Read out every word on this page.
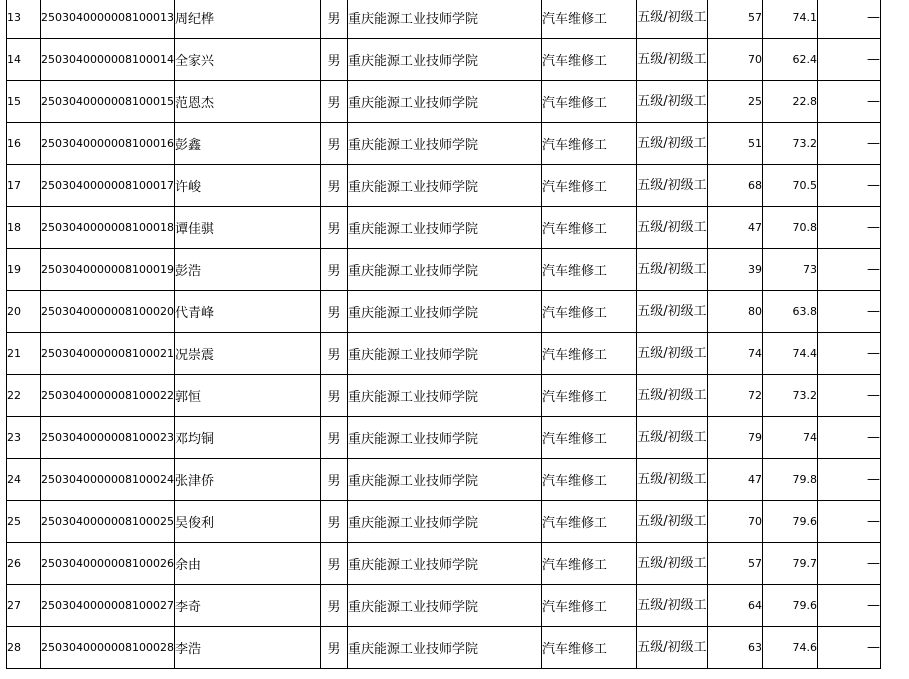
13	2503040000008100013	周纪桦	男	重庆能源工业技师学院	汽车维修工	五级/初级工	57	74.1	—
14	2503040000008100014	全家兴	男	重庆能源工业技师学院	汽车维修工	五级/初级工	70	62.4	—
15	2503040000008100015	范恩杰	男	重庆能源工业技师学院	汽车维修工	五级/初级工	25	22.8	—
16	2503040000008100016	彭鑫	男	重庆能源工业技师学院	汽车维修工	五级/初级工	51	73.2	—
17	2503040000008100017	许峻	男	重庆能源工业技师学院	汽车维修工	五级/初级工	68	70.5	—
18	2503040000008100018	谭佳骐	男	重庆能源工业技师学院	汽车维修工	五级/初级工	47	70.8	—
19	2503040000008100019	彭浩	男	重庆能源工业技师学院	汽车维修工	五级/初级工	39	73	—
20	2503040000008100020	代青峰	男	重庆能源工业技师学院	汽车维修工	五级/初级工	80	63.8	—
21	2503040000008100021	况崇震	男	重庆能源工业技师学院	汽车维修工	五级/初级工	74	74.4	—
22	2503040000008100022	郭恒	男	重庆能源工业技师学院	汽车维修工	五级/初级工	72	73.2	—
23	2503040000008100023	邓均铜	男	重庆能源工业技师学院	汽车维修工	五级/初级工	79	74	—
24	2503040000008100024	张津侨	男	重庆能源工业技师学院	汽车维修工	五级/初级工	47	79.8	—
25	2503040000008100025	吴俊利	男	重庆能源工业技师学院	汽车维修工	五级/初级工	70	79.6	—
26	2503040000008100026	余由	男	重庆能源工业技师学院	汽车维修工	五级/初级工	57	79.7	—
27	2503040000008100027	李奇	男	重庆能源工业技师学院	汽车维修工	五级/初级工	64	79.6	—
28	2503040000008100028	李浩	男	重庆能源工业技师学院	汽车维修工	五级/初级工	63	74.6	—
